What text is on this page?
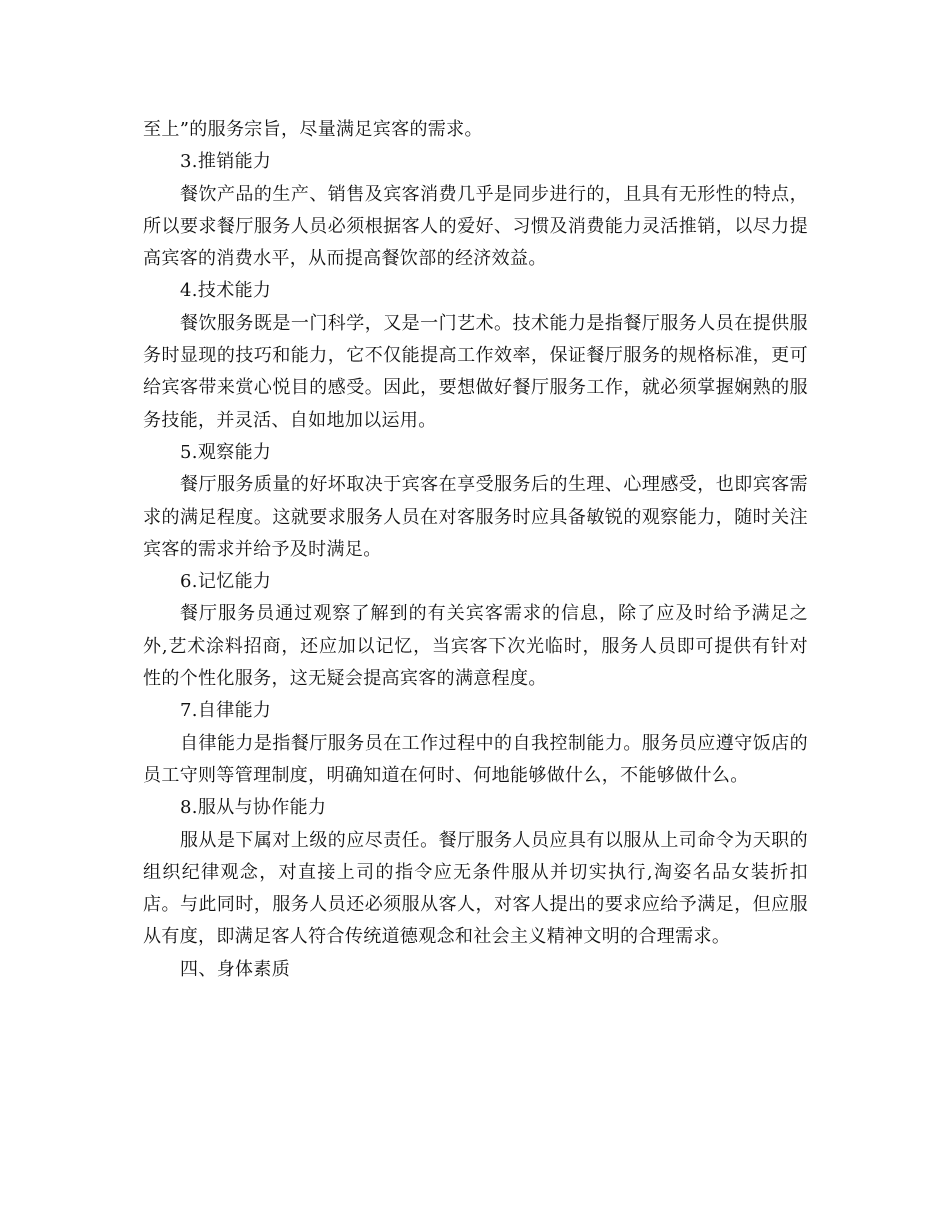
至上”的服务宗旨，尽量满足宾客的需求。

3.推销能力

餐饮产品的生产、销售及宾客消费几乎是同步进行的，且具有无形性的特点，所以要求餐厅服务人员必须根据客人的爱好、习惯及消费能力灵活推销，以尽力提高宾客的消费水平，从而提高餐饮部的经济效益。

4.技术能力

餐饮服务既是一门科学，又是一门艺术。技术能力是指餐厅服务人员在提供服务时显现的技巧和能力，它不仅能提高工作效率，保证餐厅服务的规格标准，更可给宾客带来赏心悦目的感受。因此，要想做好餐厅服务工作，就必须掌握娴熟的服务技能，并灵活、自如地加以运用。

5.观察能力

餐厅服务质量的好坏取决于宾客在享受服务后的生理、心理感受，也即宾客需求的满足程度。这就要求服务人员在对客服务时应具备敏锐的观察能力，随时关注宾客的需求并给予及时满足。

6.记忆能力

餐厅服务员通过观察了解到的有关宾客需求的信息，除了应及时给予满足之外,艺术涂料招商，还应加以记忆，当宾客下次光临时，服务人员即可提供有针对性的个性化服务，这无疑会提高宾客的满意程度。

7.自律能力

自律能力是指餐厅服务员在工作过程中的自我控制能力。服务员应遵守饭店的员工守则等管理制度，明确知道在何时、何地能够做什么，不能够做什么。

8.服从与协作能力

服从是下属对上级的应尽责任。餐厅服务人员应具有以服从上司命令为天职的组织纪律观念，对直接上司的指令应无条件服从并切实执行,淘姿名品女装折扣店。与此同时，服务人员还必须服从客人，对客人提出的要求应给予满足，但应服从有度，即满足客人符合传统道德观念和社会主义精神文明的合理需求。

四、身体素质
